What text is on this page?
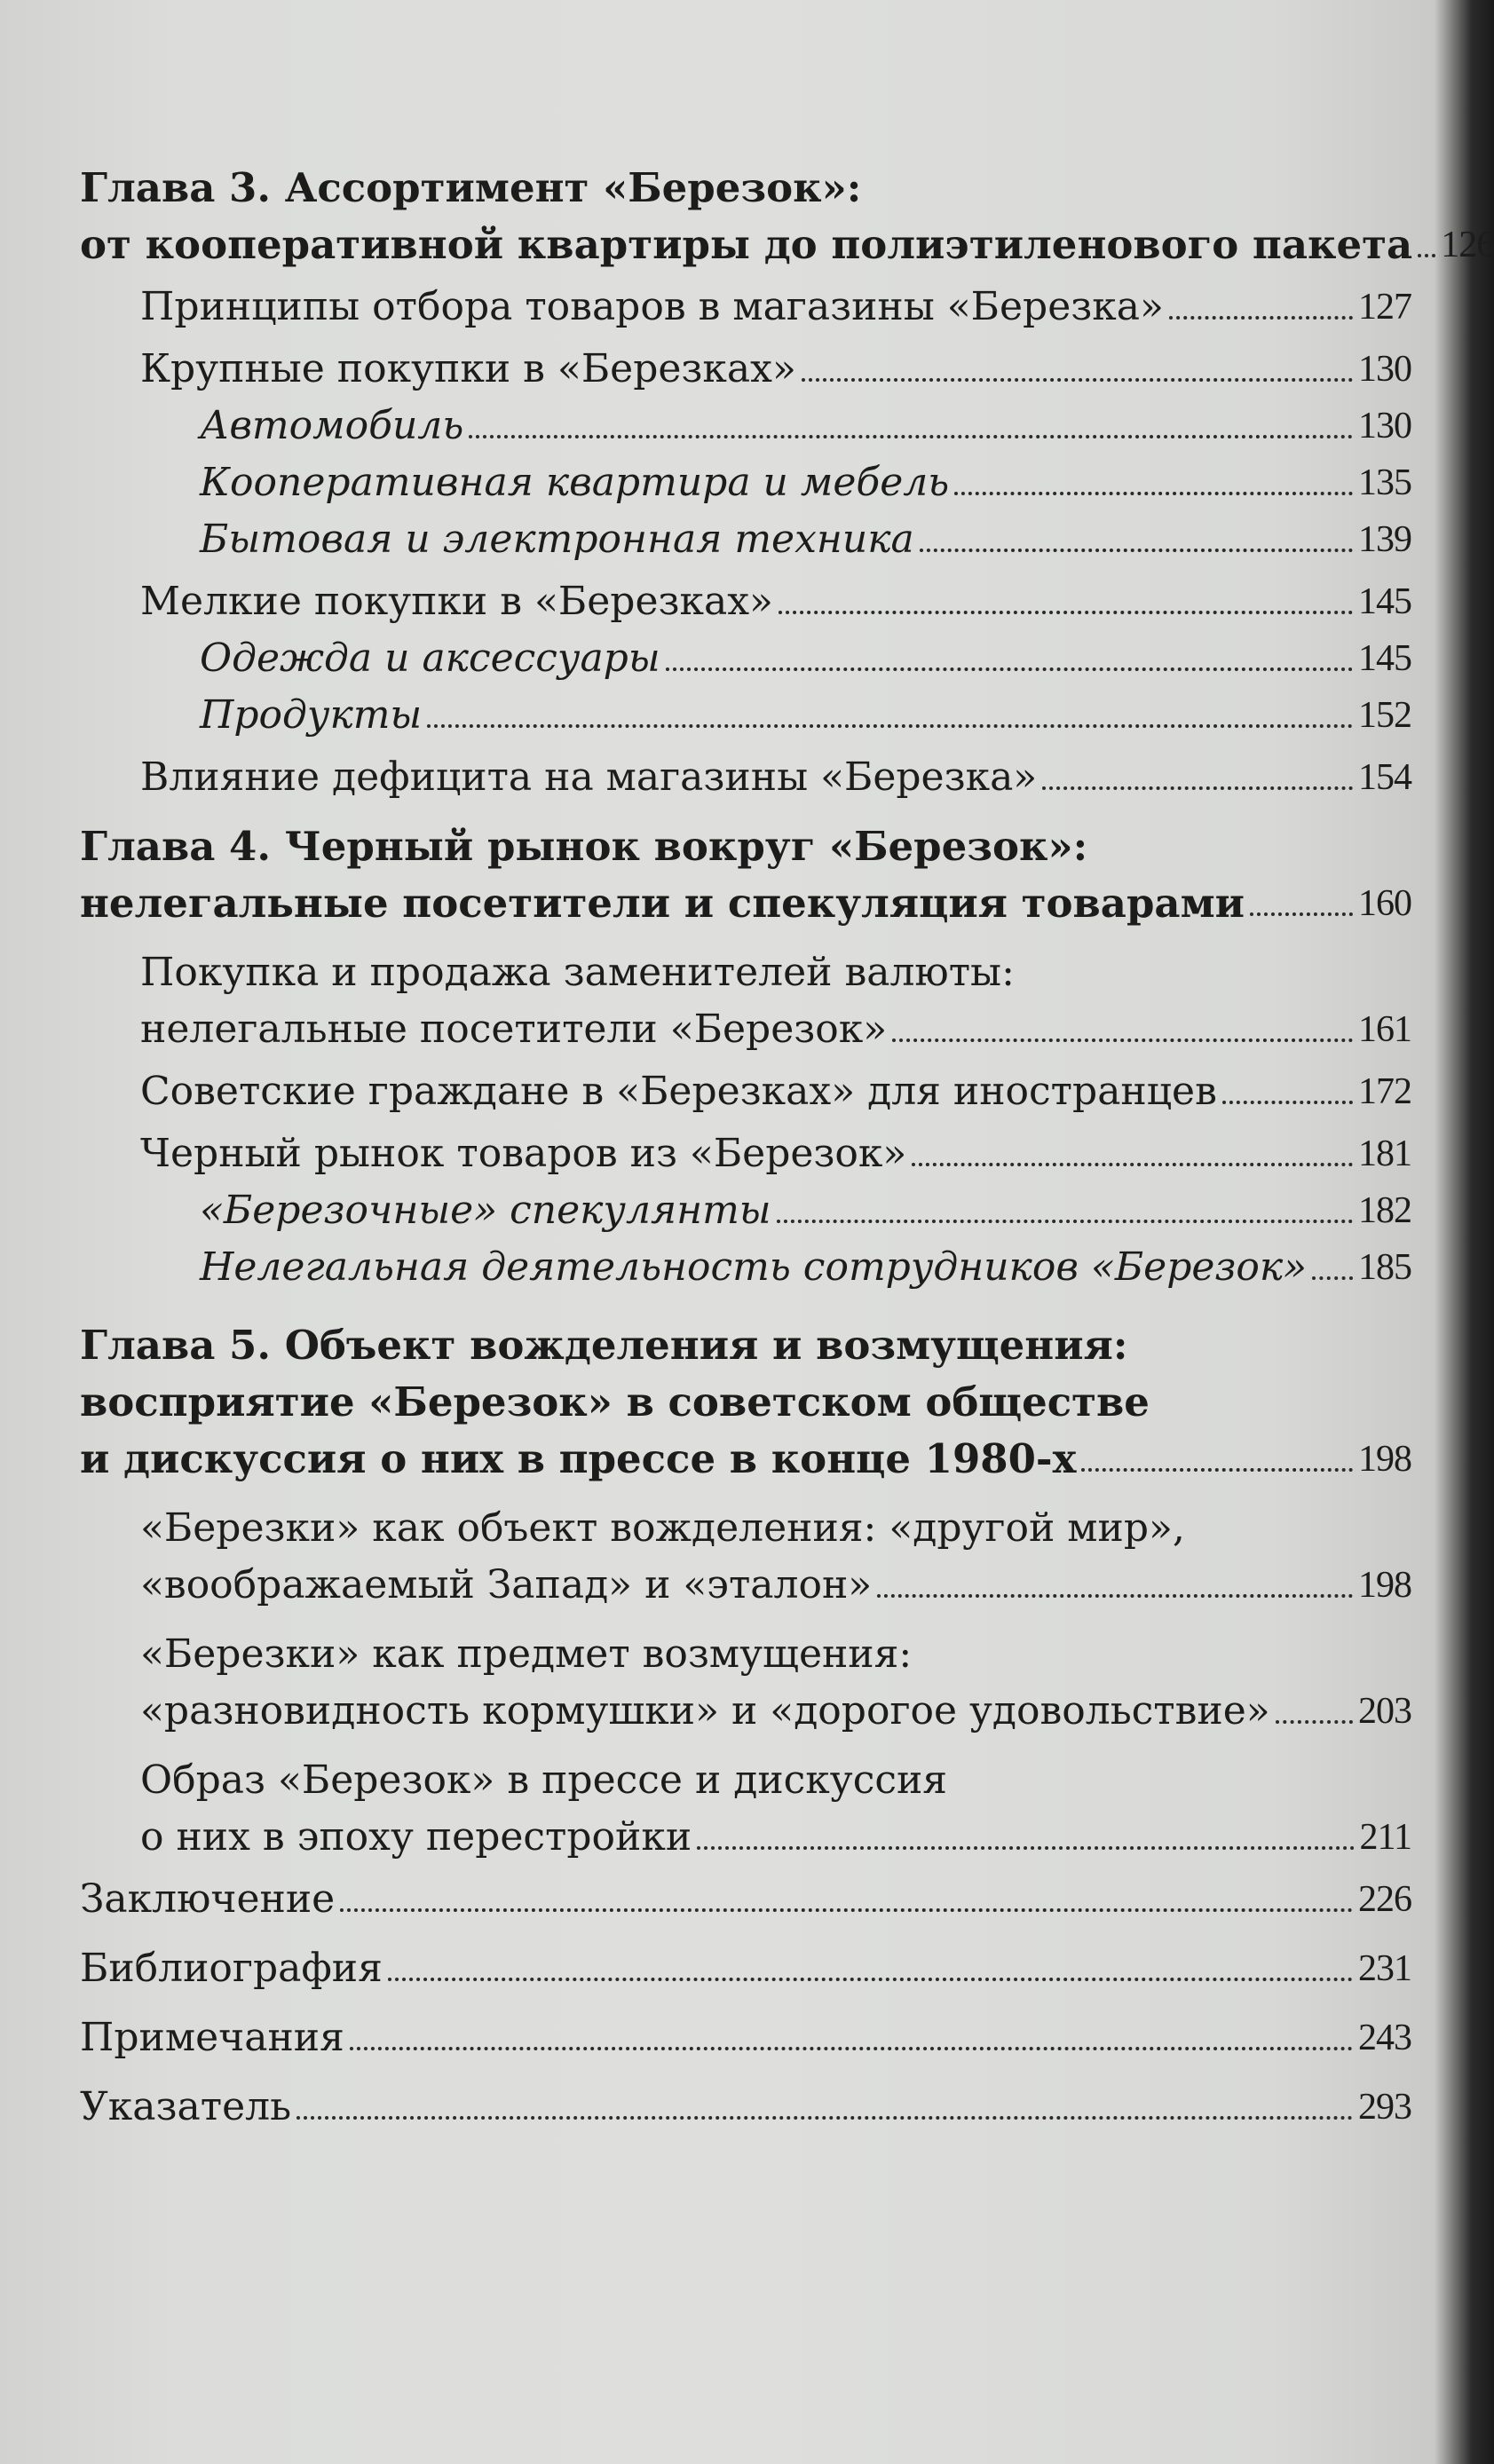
Глава 3. Ассортимент «Березок»:
от кооперативной квартиры до полиэтиленового пакета 126
Принципы отбора товаров в магазины «Березка»	127
Крупные покупки в «Березках»	130
Автомобиль	130
Кооперативная квартира и мебель	135
Бытовая и электронная техника	139
Мелкие покупки в «Березках»	145
Одежда и аксессуары	145
Продукты	152
Влияние дефицита на магазины «Березка»	154
Глава 4. Черный рынок вокруг «Березок»:
нелегальные посетители и спекуляция товарами	160
Покупка и продажа заменителей валюты:
нелегальные посетители «Березок»	161
Советские граждане в «Березках» для иностранцев	172
Черный рынок товаров из «Березок»	181
«Березочные» спекулянты	182
Нелегальная деятельность сотрудников «Березок» 185
Глава 5. Объект вожделения и возмущения:
восприятие «Березок» в советском обществе
и дискуссия о них в прессе в конце 1980-х	198
«Березки» как объект вожделения: «другой мир»,
«воображаемый Запад» и «эталон»	198
«Березки» как предмет возмущения:
«разновидность кормушки» и «дорогое удовольствие» 203
Образ «Березок» в прессе и дискуссия
о них в эпоху перестройки	211
Заключение	226
Библиография	231
Примечания	243
Указатель	293
